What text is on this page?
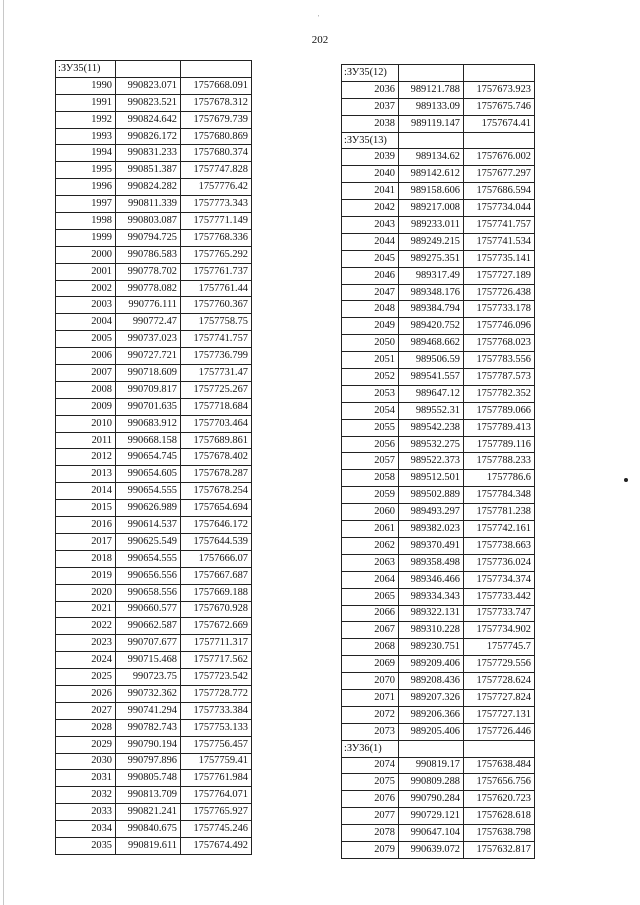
'
202
:ЗУ35(11)		
1990	990823.071	1757668.091
1991	990823.521	1757678.312
1992	990824.642	1757679.739
1993	990826.172	1757680.869
1994	990831.233	1757680.374
1995	990851.387	1757747.828
1996	990824.282	1757776.42
1997	990811.339	1757773.343
1998	990803.087	1757771.149
1999	990794.725	1757768.336
2000	990786.583	1757765.292
2001	990778.702	1757761.737
2002	990778.082	1757761.44
2003	990776.111	1757760.367
2004	990772.47	1757758.75
2005	990737.023	1757741.757
2006	990727.721	1757736.799
2007	990718.609	1757731.47
2008	990709.817	1757725.267
2009	990701.635	1757718.684
2010	990683.912	1757703.464
2011	990668.158	1757689.861
2012	990654.745	1757678.402
2013	990654.605	1757678.287
2014	990654.555	1757678.254
2015	990626.989	1757654.694
2016	990614.537	1757646.172
2017	990625.549	1757644.539
2018	990654.555	1757666.07
2019	990656.556	1757667.687
2020	990658.556	1757669.188
2021	990660.577	1757670.928
2022	990662.587	1757672.669
2023	990707.677	1757711.317
2024	990715.468	1757717.562
2025	990723.75	1757723.542
2026	990732.362	1757728.772
2027	990741.294	1757733.384
2028	990782.743	1757753.133
2029	990790.194	1757756.457
2030	990797.896	1757759.41
2031	990805.748	1757761.984
2032	990813.709	1757764.071
2033	990821.241	1757765.927
2034	990840.675	1757745.246
2035	990819.611	1757674.492
:ЗУ35(12)		
2036	989121.788	1757673.923
2037	989133.09	1757675.746
2038	989119.147	1757674.41
:ЗУ35(13)		
2039	989134.62	1757676.002
2040	989142.612	1757677.297
2041	989158.606	1757686.594
2042	989217.008	1757734.044
2043	989233.011	1757741.757
2044	989249.215	1757741.534
2045	989275.351	1757735.141
2046	989317.49	1757727.189
2047	989348.176	1757726.438
2048	989384.794	1757733.178
2049	989420.752	1757746.096
2050	989468.662	1757768.023
2051	989506.59	1757783.556
2052	989541.557	1757787.573
2053	989647.12	1757782.352
2054	989552.31	1757789.066
2055	989542.238	1757789.413
2056	989532.275	1757789.116
2057	989522.373	1757788.233
2058	989512.501	1757786.6
2059	989502.889	1757784.348
2060	989493.297	1757781.238
2061	989382.023	1757742.161
2062	989370.491	1757738.663
2063	989358.498	1757736.024
2064	989346.466	1757734.374
2065	989334.343	1757733.442
2066	989322.131	1757733.747
2067	989310.228	1757734.902
2068	989230.751	1757745.7
2069	989209.406	1757729.556
2070	989208.436	1757728.624
2071	989207.326	1757727.824
2072	989206.366	1757727.131
2073	989205.406	1757726.446
:ЗУ36(1)		
2074	990819.17	1757638.484
2075	990809.288	1757656.756
2076	990790.284	1757620.723
2077	990729.121	1757628.618
2078	990647.104	1757638.798
2079	990639.072	1757632.817
